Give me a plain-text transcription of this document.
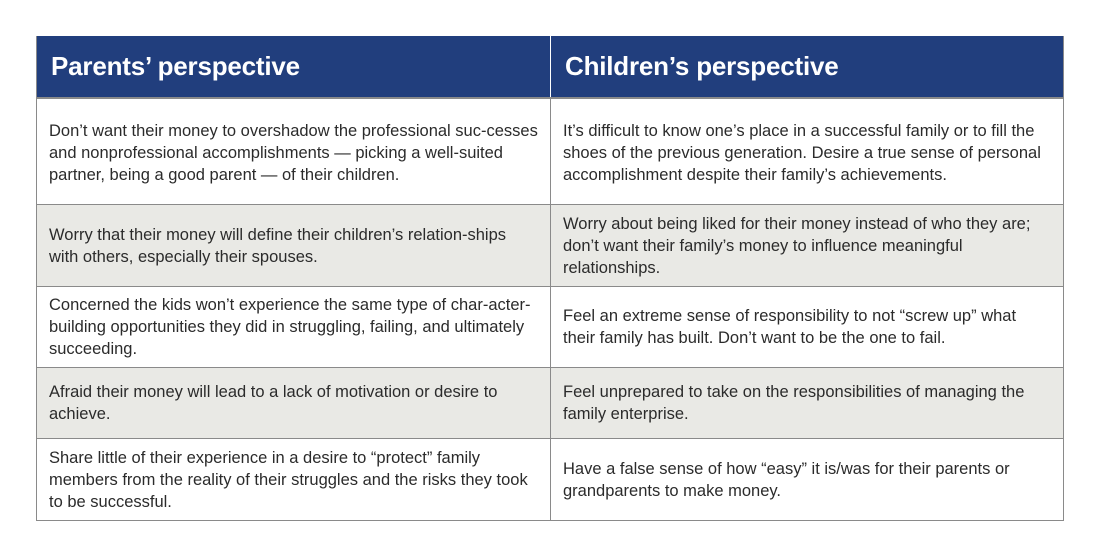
Parents’ perspective	Children’s perspective
Don’t want their money to overshadow the professional suc-cesses and nonprofessional accomplishments — picking a well-suited partner, being a good parent — of their children.
It’s difficult to know one’s place in a successful family or to fill the shoes of the previous generation. Desire a true sense of personal accomplishment despite their family’s achievements.
Worry that their money will define their children’s relation-ships with others, especially their spouses.
Worry about being liked for their money instead of who they are; don’t want their family’s money to influence meaningful relationships.
Concerned the kids won’t experience the same type of char-acter-building opportunities they did in struggling, failing, and ultimately succeeding.
Feel an extreme sense of responsibility to not “screw up” what their family has built. Don’t want to be the one to fail.
Afraid their money will lead to a lack of motivation or desire to achieve.
Feel unprepared to take on the responsibilities of managing the family enterprise.
Share little of their experience in a desire to “protect” family members from the reality of their struggles and the risks they took to be successful.
Have a false sense of how “easy” it is/was for their parents or grandparents to make money.
